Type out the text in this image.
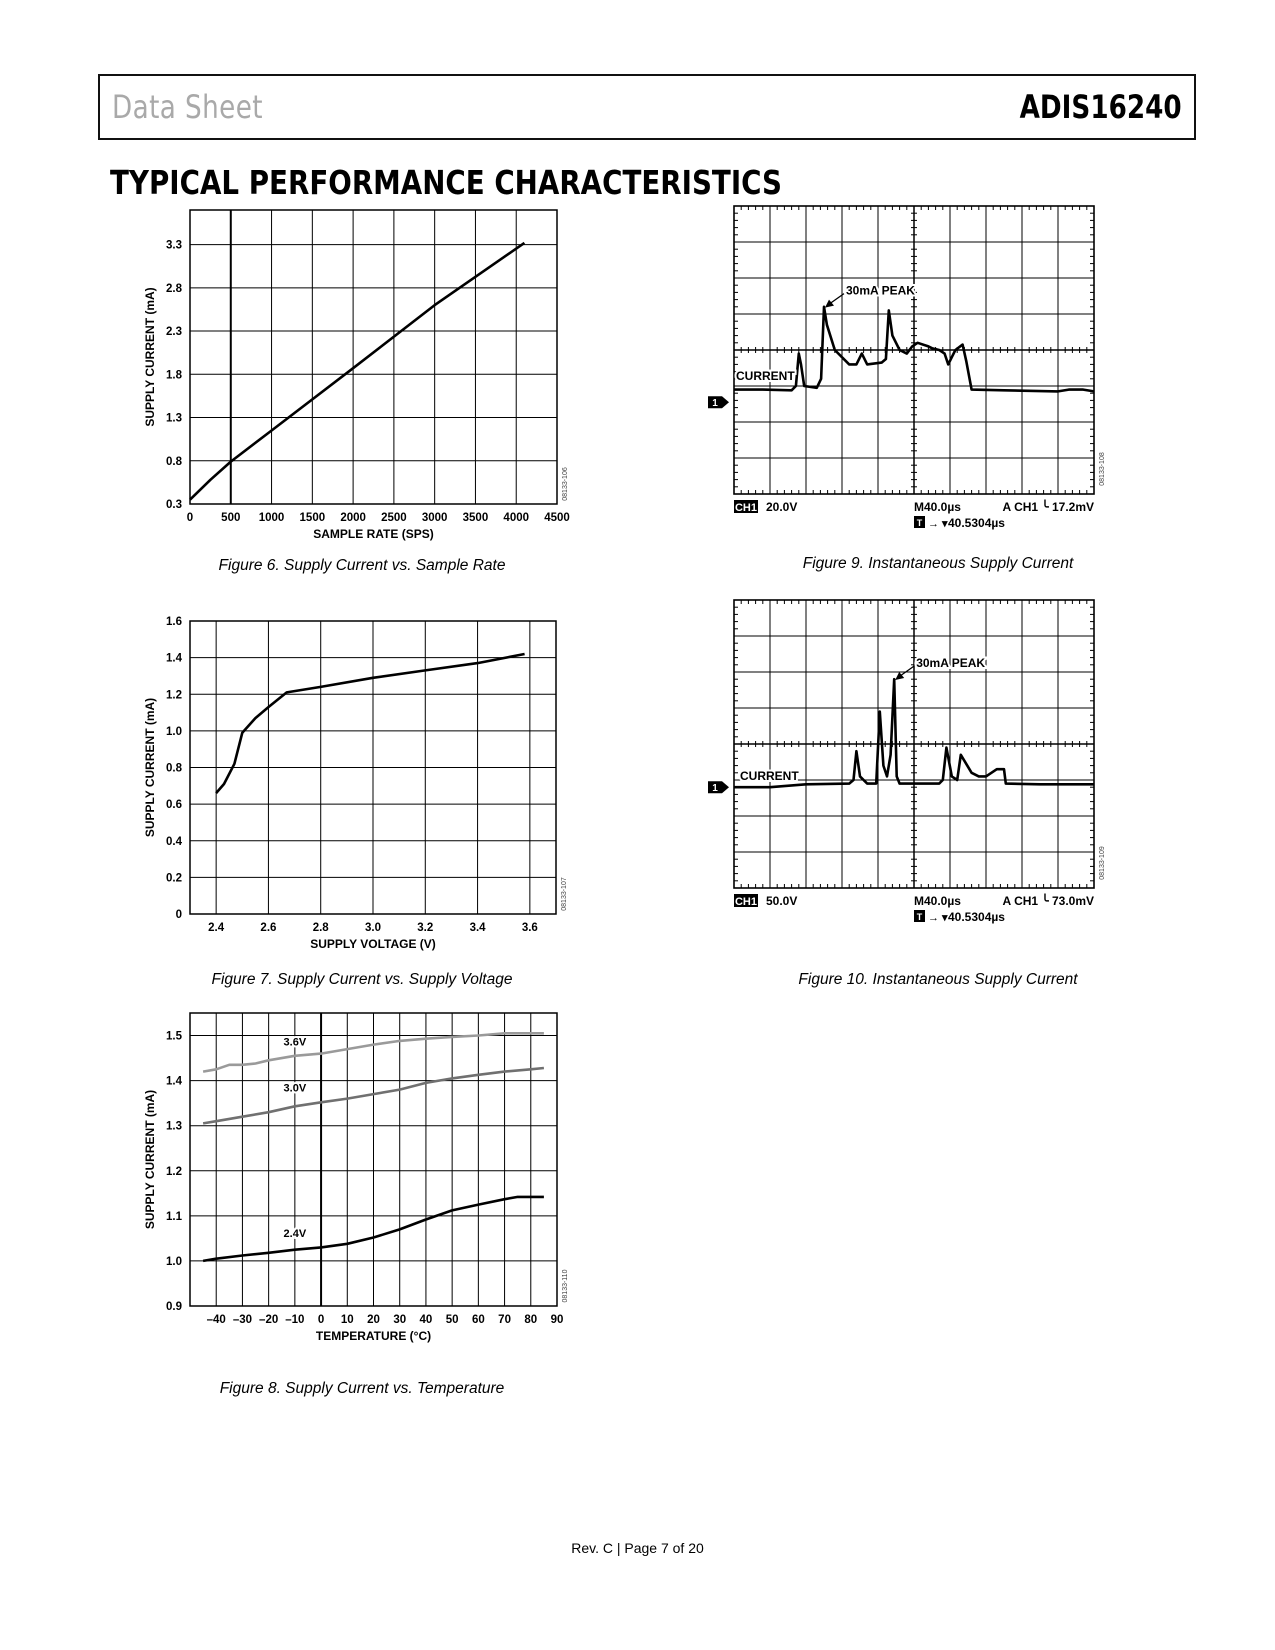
Data Sheet	ADIS16240
TYPICAL PERFORMANCE CHARACTERISTICS
0 500 1000 1500 2000 2500 3000 3500 4000 4500
0.3
0.8
1.3
1.8
2.3
2.8
3.3
SAMPLE RATE (SPS)
SUPPLY CURRENT (mA)
08133-106
2.4	2.6	2.8	3.0	3.2	3.4	3.6
0
0.2
0.4
0.6
0.8
1.0
1.2
1.4
1.6
SUPPLY VOLTAGE (V)
SUPPLY CURRENT (mA)
08133-107
–40 –30 –20 –10 0 10 20 30 40 50 60 70 80 90
0.9
1.0
1.1
1.2
1.3
1.4
1.5
TEMPERATURE (°C)
SUPPLY CURRENT (mA)
08133-110
3.6V
3.0V
2.4V
CURRENT
30mA PEAK
1
CH1 20.0V	M40.0µs	A CH1 ╰ 17.2mV
T → ▾ 40.5304µs
08133-108
CURRENT
30mA PEAK
1
CH1 50.0V	M40.0µs	A CH1 ╰ 73.0mV
T → ▾ 40.5304µs
08133-109
Figure 6. Supply Current vs. Sample Rate
Figure 7. Supply Current vs. Supply Voltage
Figure 8. Supply Current vs. Temperature
Figure 9. Instantaneous Supply Current
Figure 10. Instantaneous Supply Current
Rev. C | Page 7 of 20
